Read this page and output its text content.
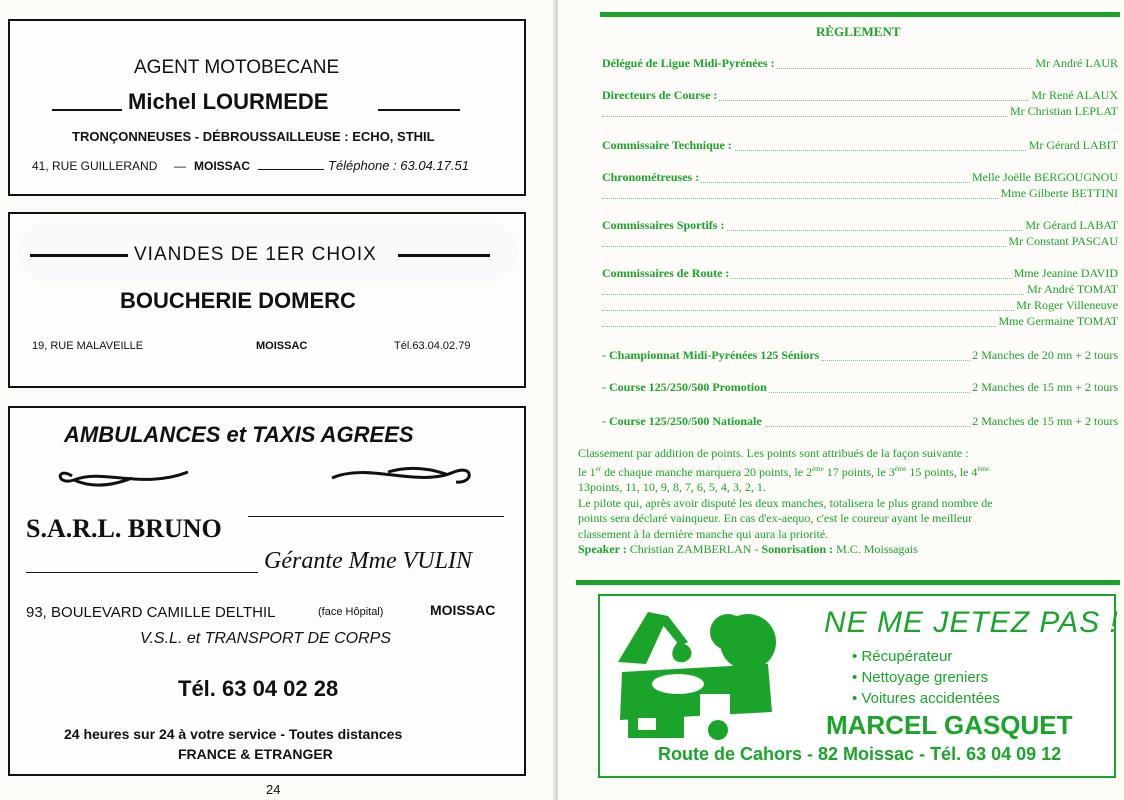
AGENT MOTOBECANE
Michel LOURMEDE
TRONÇONNEUSES - DÉBROUSSAILLEUSE : ECHO, STHIL
41, RUE GUILLERAND — MOISSAC	Téléphone : 63.04.17.51
VIANDES DE 1ER CHOIX
BOUCHERIE DOMERC
19, RUE MALAVEILLE	MOISSAC	Tél.63.04.02.79
AMBULANCES et TAXIS AGREES
S.A.R.L. BRUNO
Gérante Mme VULIN
93, BOULEVARD CAMILLE DELTHIL	(face Hôpital)	MOISSAC
V.S.L. et TRANSPORT DE CORPS
Tél. 63 04 02 28
24 heures sur 24 à votre service - Toutes distances
FRANCE & ETRANGER
24
RÈGLEMENT
Délégué de Ligue Midi-Pyrénées :	Mr André LAUR
Directeurs de Course :	Mr René ALAUX
Mr Christian LEPLAT
Commissaire Technique :	Mr Gérard LABIT
Chronométreuses :	Melle Joëlle BERGOUGNOU
Mme Gilberte BETTINI
Commissaires Sportifs :	Mr Gérard LABAT
Mr Constant PASCAU
Commissaires de Route :	Mme Jeanine DAVID
Mr André TOMAT
Mr Roger Villeneuve
Mme Germaine TOMAT
- Championnat Midi-Pyrénées 125 Séniors	2 Manches de 20 mn + 2 tours
- Course 125/250/500 Promotion	2 Manches de 15 mn + 2 tours
- Course 125/250/500 Nationale	2 Manches de 15 mn + 2 tours
Classement par addition de points. Les points sont attribués de la façon suivante :
le 1er de chaque manche marquera 20 points, le 2ème 17 points, le 3ème 15 points, le 4ème
13points, 11, 10, 9, 8, 7, 6, 5, 4, 3, 2, 1.
Le pilote qui, après avoir disputé les deux manches, totalisera le plus grand nombre de
points sera déclaré vainqueur. En cas d'ex-aequo, c'est le coureur ayant le meilleur
classement à la dernière manche qui aura la priorité.
Speaker : Christian ZAMBERLAN - Sonorisation : M.C. Moissagais
NE ME JETEZ PAS !
• Récupérateur
• Nettoyage greniers
• Voitures accidentées
MARCEL GASQUET
Route de Cahors - 82 Moissac - Tél. 63 04 09 12
